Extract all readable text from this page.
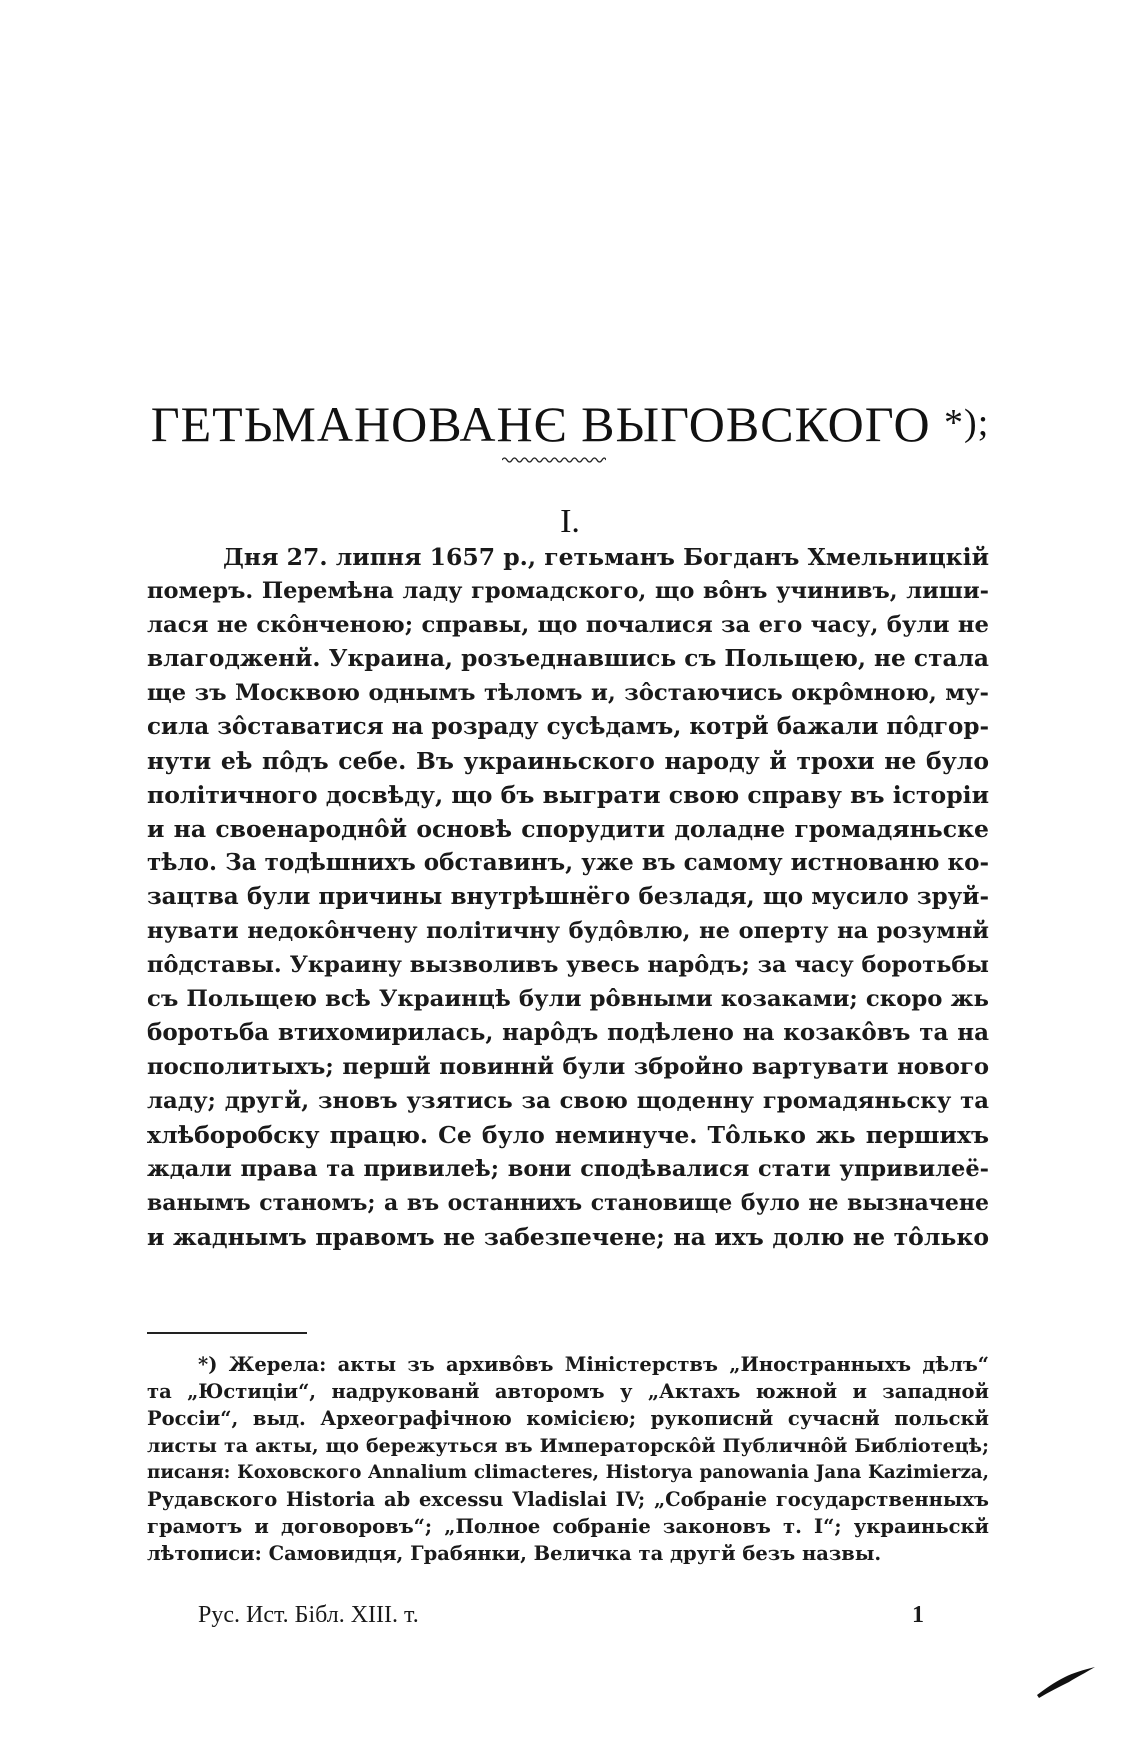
ГЕТЬМАНОВАНЄ ВЫГОВСКОГО *);
I.
Дня 27. липня 1657 р., гетьманъ Богданъ Хмельницкій
померъ. Перемѣна ладу громадского, що вôнъ учинивъ, лиши-
лася не скôнченою; справы, що почалися за его часу, були не
влагодженй. Украина, розъеднавшись съ Польщею, не стала
ще зъ Москвою однымъ тѣломъ и, зôстаючись окрôмною, му-
сила зôставатися на розраду сусѣдамъ, котрй бажали пôдгор-
нути еѣ пôдъ себе. Въ украиньского народу й трохи не було
політичного досвѣду, що бъ выграти свою справу въ історіи
и на своенароднôй основѣ спорудити доладне громадяньске
тѣло. За тодѣшнихъ обставинъ, уже въ самому истнованю ко-
зацтва були причины внутрѣшнёго безладя, що мусило зруй-
нувати недокôнчену політичну будôвлю, не оперту на розумнй
пôдставы. Украину вызволивъ увесь нарôдъ; за часу боротьбы
съ Польщею всѣ Украинцѣ були рôвными козаками; скоро жь
боротьба втихомирилась, нарôдъ подѣлено на козакôвъ та на
посполитыхъ; першй повиннй були збройно вартувати нового
ладу; другй, зновъ узятись за свою щоденну громадяньску та
хлѣборобску працю. Се було неминуче. Тôлько жь першихъ
ждали права та привилеѣ; вони сподѣвалися стати упривилеё-
ванымъ станомъ; а въ останнихъ становище було не вызначене
и жаднымъ правомъ не забезпечене; на ихъ долю не тôлько
*) Жерела: акты зъ архивôвъ Міністерствъ „Иностранныхъ дѣлъ“
та „Юстиціи“, надрукованй авторомъ у „Актахъ южной и западной
Россіи“, выд. Археографічною комісією; рукописнй сучаснй польскй
листы та акты, що бережуться въ Императорскôй Публичнôй Библіотецѣ;
писаня: Коховского Annalium climacteres, Historya panowania Jana Kazimierza,
Рудавского Historia ab excessu Vladislai IV; „Собраніе государственныхъ
грамотъ и договоровъ“; „Полное собраніе законовъ т. I“; украиньскй
лѣтописи: Самовидця, Грабянки, Величка та другй безъ назвы.
Рус. Ист. Бібл. XIII. т.	1
